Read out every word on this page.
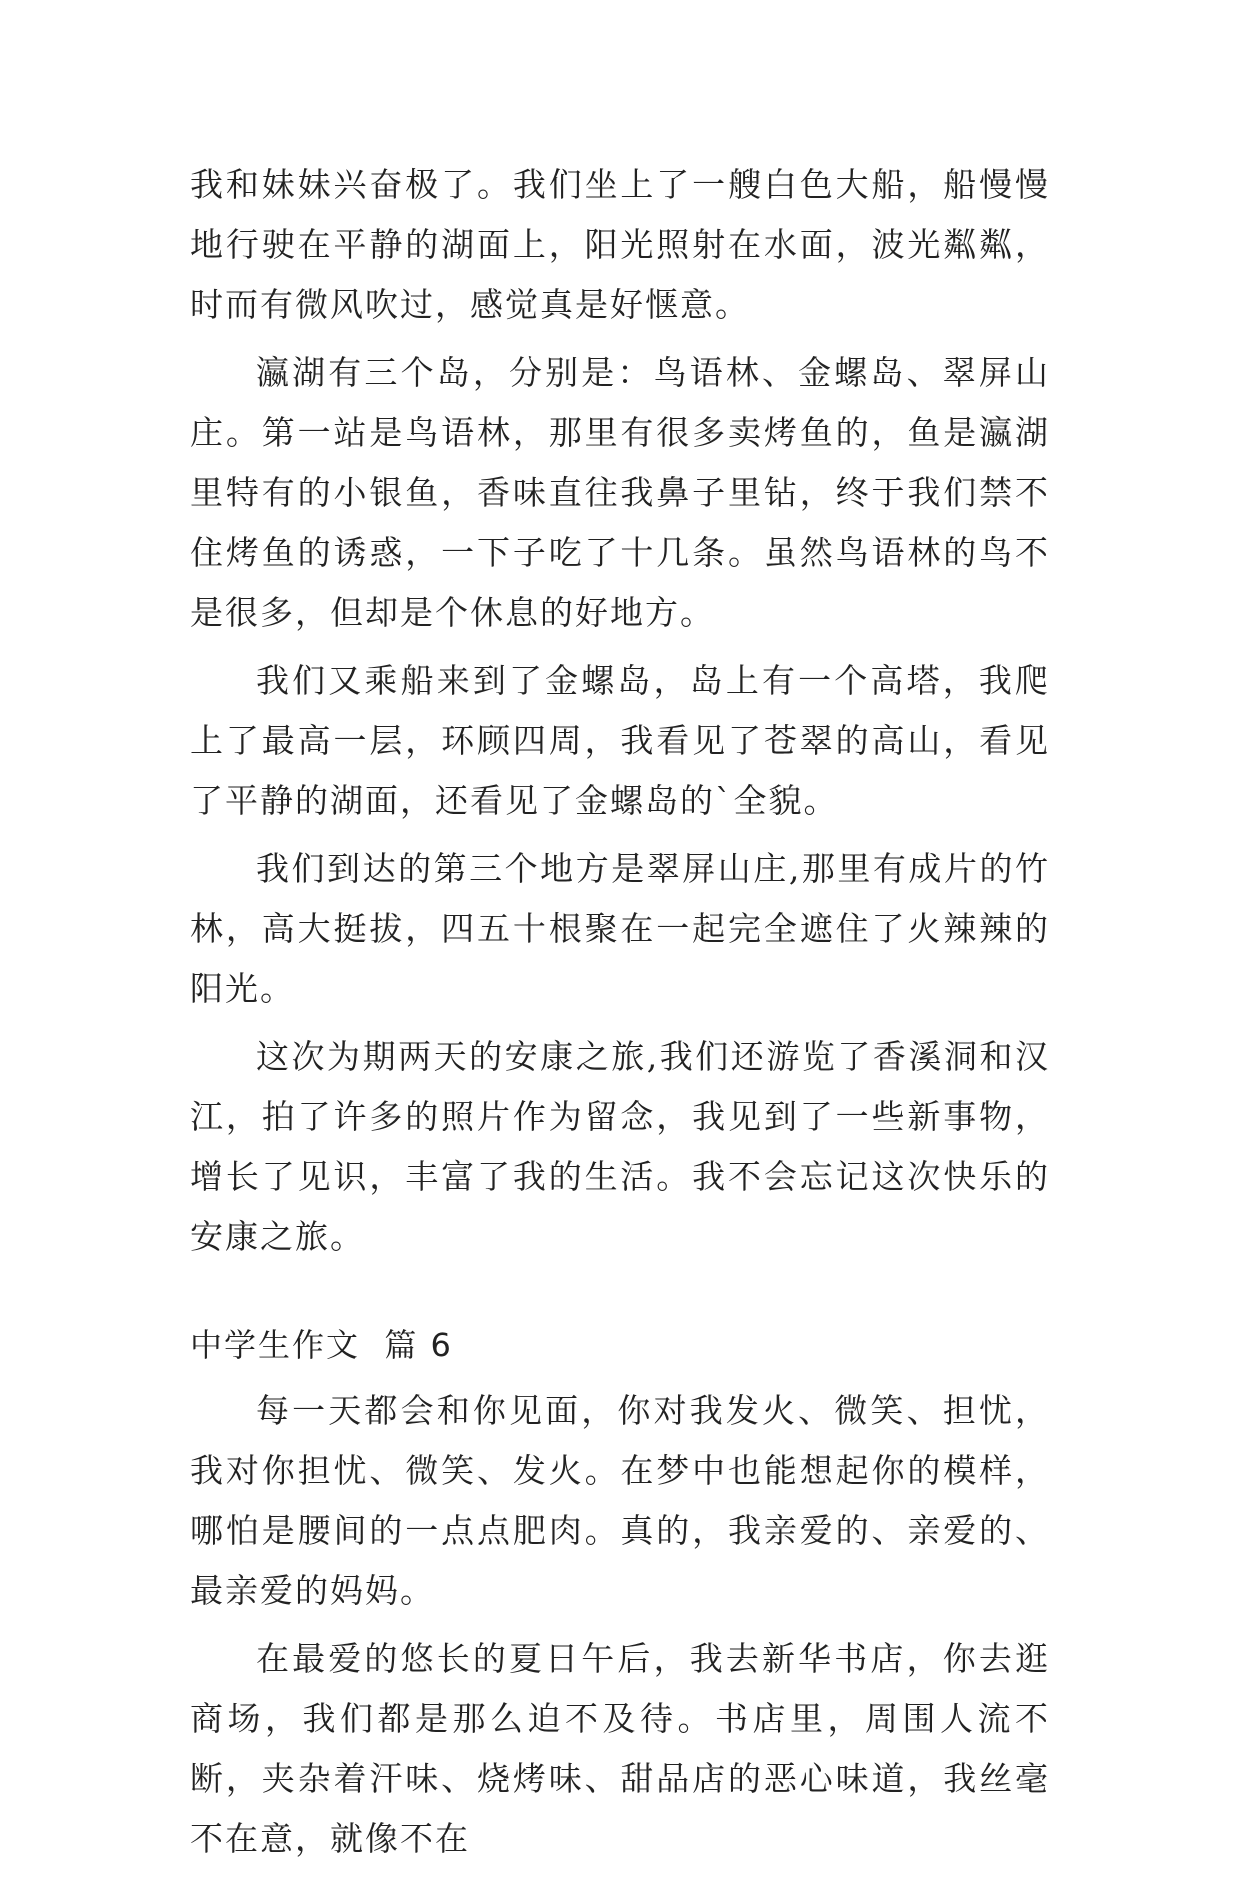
我和妹妹兴奋极了。我们坐上了一艘白色大船，船慢慢地行驶在平静的湖面上，阳光照射在水面，波光粼粼，时而有微风吹过，感觉真是好惬意。

瀛湖有三个岛，分别是：鸟语林、金螺岛、翠屏山庄。第一站是鸟语林，那里有很多卖烤鱼的，鱼是瀛湖里特有的小银鱼，香味直往我鼻子里钻，终于我们禁不住烤鱼的诱惑，一下子吃了十几条。虽然鸟语林的鸟不是很多，但却是个休息的好地方。

我们又乘船来到了金螺岛，岛上有一个高塔，我爬上了最高一层，环顾四周，我看见了苍翠的高山，看见了平静的湖面，还看见了金螺岛的`全貌。

我们到达的第三个地方是翠屏山庄,那里有成片的竹林，高大挺拔，四五十根聚在一起完全遮住了火辣辣的阳光。

这次为期两天的安康之旅,我们还游览了香溪洞和汉江，拍了许多的照片作为留念，我见到了一些新事物，增长了见识，丰富了我的生活。我不会忘记这次快乐的安康之旅。

中学生作文  篇 6

每一天都会和你见面，你对我发火、微笑、担忧，我对你担忧、微笑、发火。在梦中也能想起你的模样，哪怕是腰间的一点点肥肉。真的，我亲爱的、亲爱的、最亲爱的妈妈。

在最爱的悠长的夏日午后，我去新华书店，你去逛商场，我们都是那么迫不及待。书店里，周围人流不断，夹杂着汗味、烧烤味、甜品店的恶心味道，我丝毫不在意，就像不在
